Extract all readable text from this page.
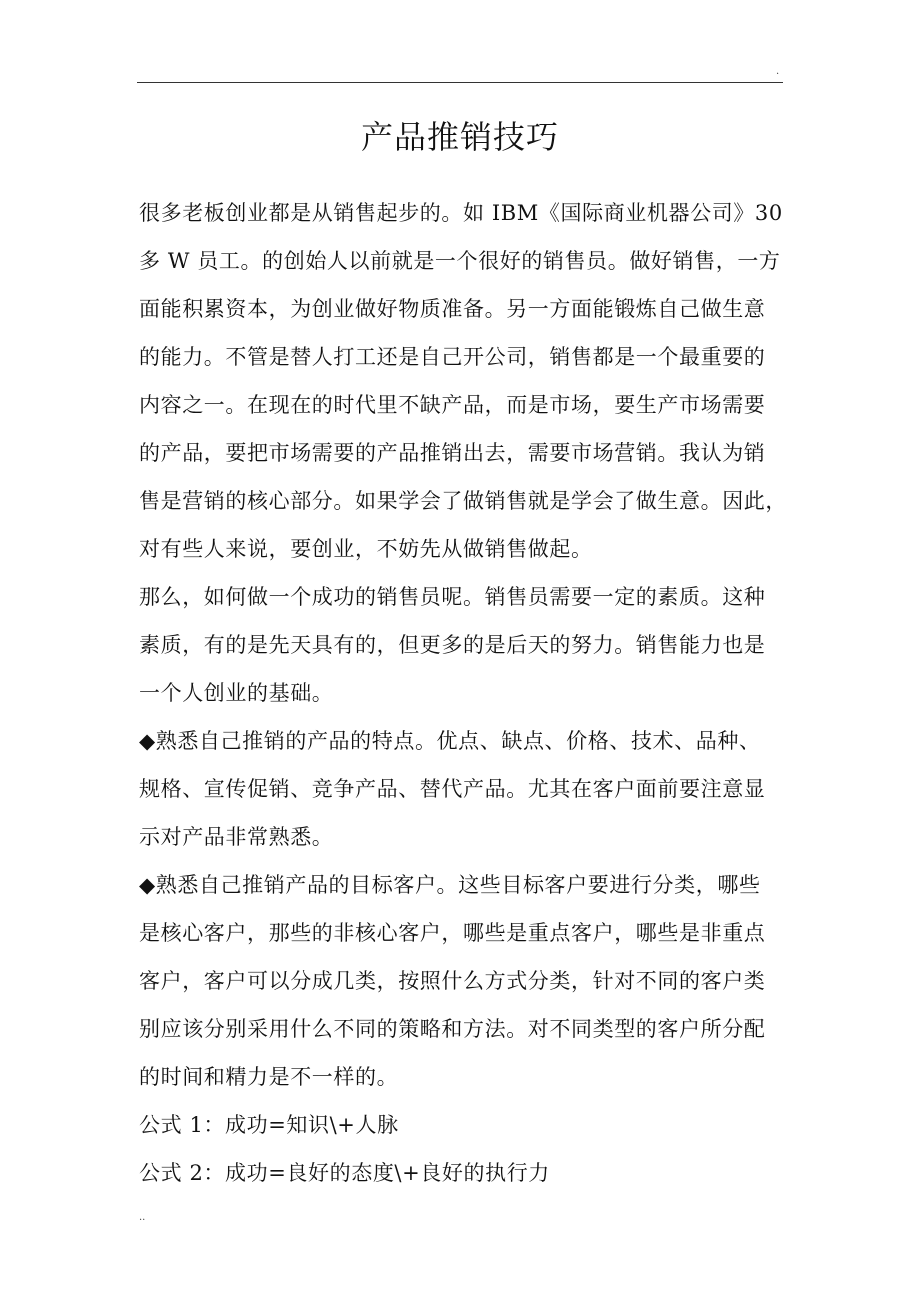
.
产品推销技巧
很多老板创业都是从销售起步的。如 IBM《国际商业机器公司》30
多 W 员工。的创始人以前就是一个很好的销售员。做好销售，一方
面能积累资本，为创业做好物质准备。另一方面能锻炼自己做生意
的能力。不管是替人打工还是自己开公司，销售都是一个最重要的
内容之一。在现在的时代里不缺产品，而是市场，要生产市场需要
的产品，要把市场需要的产品推销出去，需要市场营销。我认为销
售是营销的核心部分。如果学会了做销售就是学会了做生意。因此，
对有些人来说，要创业，不妨先从做销售做起。
那么，如何做一个成功的销售员呢。销售员需要一定的素质。这种
素质，有的是先天具有的，但更多的是后天的努力。销售能力也是
一个人创业的基础。
◆熟悉自己推销的产品的特点。优点、缺点、价格、技术、品种、
规格、宣传促销、竞争产品、替代产品。尤其在客户面前要注意显
示对产品非常熟悉。
◆熟悉自己推销产品的目标客户。这些目标客户要进行分类，哪些
是核心客户，那些的非核心客户，哪些是重点客户，哪些是非重点
客户，客户可以分成几类，按照什么方式分类，针对不同的客户类
别应该分别采用什么不同的策略和方法。对不同类型的客户所分配
的时间和精力是不一样的。
公式 1：成功=知识\+人脉
公式 2：成功=良好的态度\+良好的执行力
..
